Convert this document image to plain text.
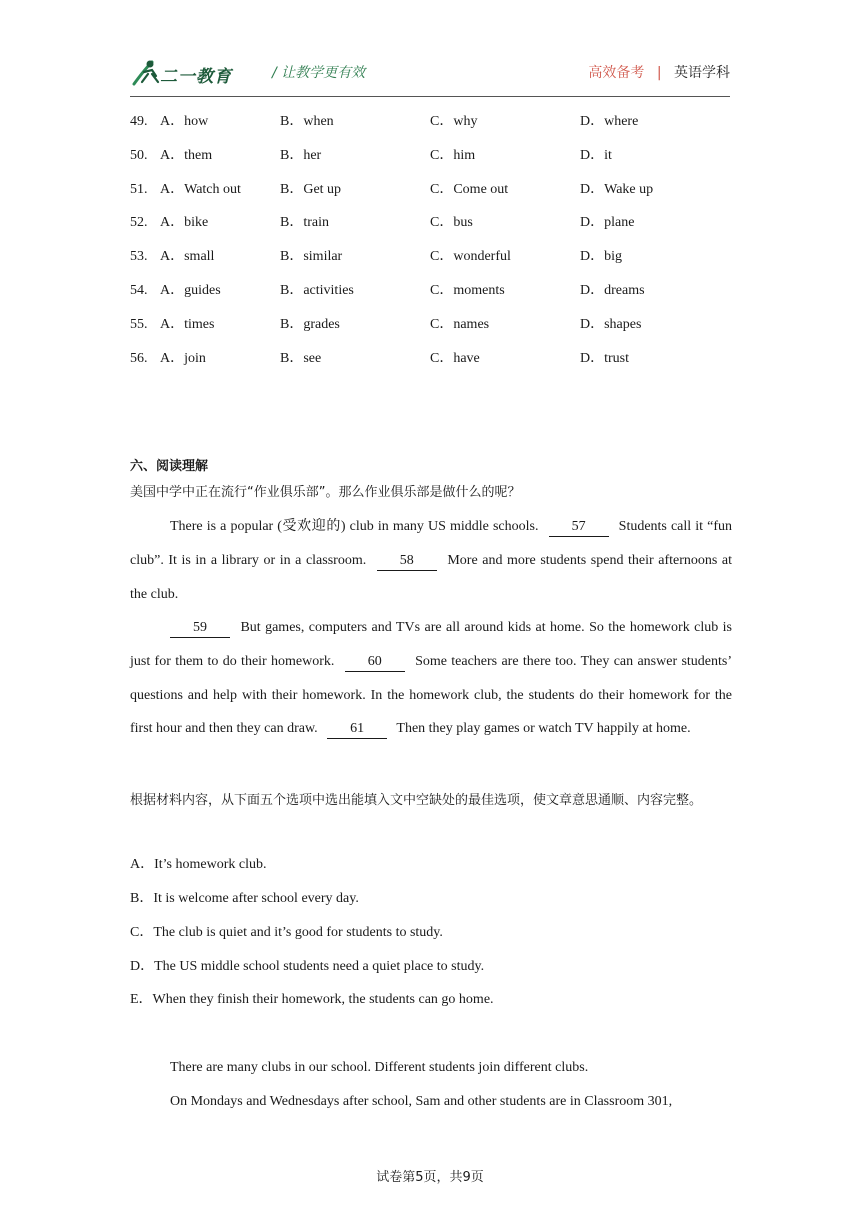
二一教育	/ 让教学更有效	高效备考 | 英语学科
49. A．how	B．when	C．why	D．where
50. A．them	B．her	C．him	D．it
51. A．Watch out	B．Get up	C．Come out	D．Wake up
52. A．bike	B．train	C．bus	D．plane
53. A．small	B．similar	C．wonderful	D．big
54. A．guides	B．activities	C．moments	D．dreams
55. A．times	B．grades	C．names	D．shapes
56. A．join	B．see	C．have	D．trust
六、阅读理解
美国中学中正在流行“作业俱乐部”。那么作业俱乐部是做什么的呢？
There is a popular (受欢迎的) club in many US middle schools. 57 Students call it “fun club”. It is in a library or in a classroom. 58 More and more students spend their afternoons at the club.
59 But games, computers and TVs are all around kids at home. So the homework club is just for them to do their homework. 60 Some teachers are there too. They can answer students’ questions and help with their homework. In the homework club, the students do their homework for the first hour and then they can draw. 61 Then they play games or watch TV happily at home.
根据材料内容，从下面五个选项中选出能填入文中空缺处的最佳选项，使文章意思通顺、内容完整。
A．It’s homework club.
B．It is welcome after school every day.
C．The club is quiet and it’s good for students to study.
D．The US middle school students need a quiet place to study.
E．When they finish their homework, the students can go home.
There are many clubs in our school. Different students join different clubs.
On Mondays and Wednesdays after school, Sam and other students are in Classroom 301,
试卷第5页，共9页
